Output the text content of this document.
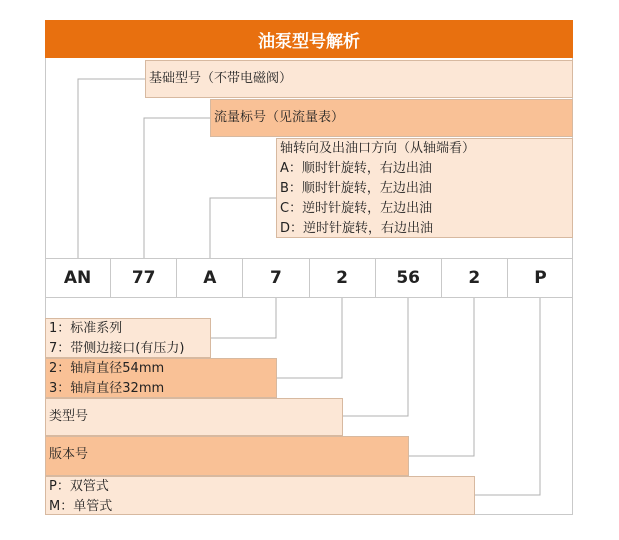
油泵型号解析
基础型号（不带电磁阀）
流量标号（见流量表）
轴转向及出油口方向（从轴端看）
A：顺时针旋转，右边出油
B：顺时针旋转，左边出油
C：逆时针旋转，左边出油
D：逆时针旋转，右边出油
AN	77	A	7	2	56	2	P
1：标准系列
7：带侧边接口(有压力)
2：轴肩直径54mm
3：轴肩直径32mm
类型号
版本号
P：双管式
M：单管式
